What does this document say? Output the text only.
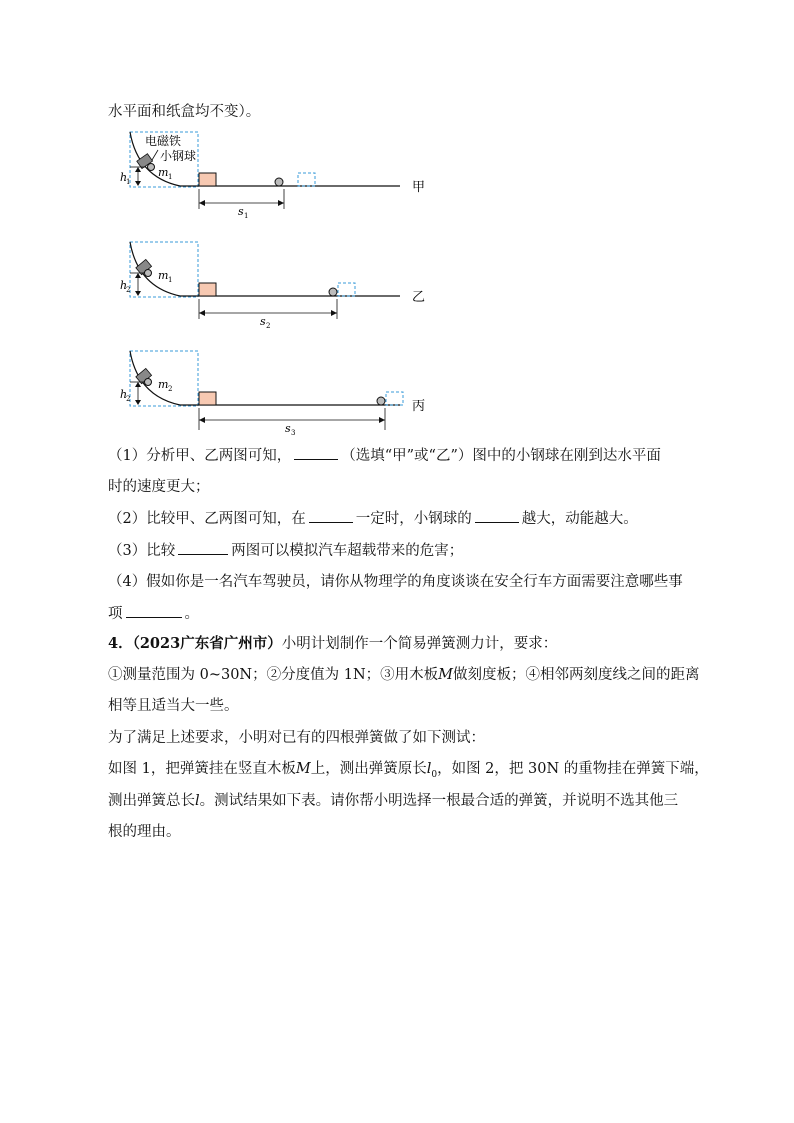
水平面和纸盒均不变）。
电磁铁
小钢球
m 1
h
1
s 1
甲
m 1
h
2
s 2
乙
m 2
h
2
s 3
丙
（1）分析甲、乙两图可知，	（选填“甲”或“乙”）图中的小钢球在刚到达水平面
时的速度更大；
（2）比较甲、乙两图可知，在	一定时，小钢球的	越大，动能越大。
（3）比较	两图可以模拟汽车超载带来的危害；
（4）假如你是一名汽车驾驶员，请你从物理学的角度谈谈在安全行车方面需要注意哪些事
项	。
4．（2023广东省广州市）小明计划制作一个简易弹簧测力计，要求：
①测量范围为 0~30N；②分度值为 1N；③用木板M做刻度板；④相邻两刻度线之间的距离
相等且适当大一些。
为了满足上述要求，小明对已有的四根弹簧做了如下测试：
如图 1，把弹簧挂在竖直木板M上，测出弹簧原长$l_0$，如图 2，把 30N 的重物挂在弹簧下端，
测出弹簧总长l。测试结果如下表。请你帮小明选择一根最合适的弹簧，并说明不选其他三
根的理由。
